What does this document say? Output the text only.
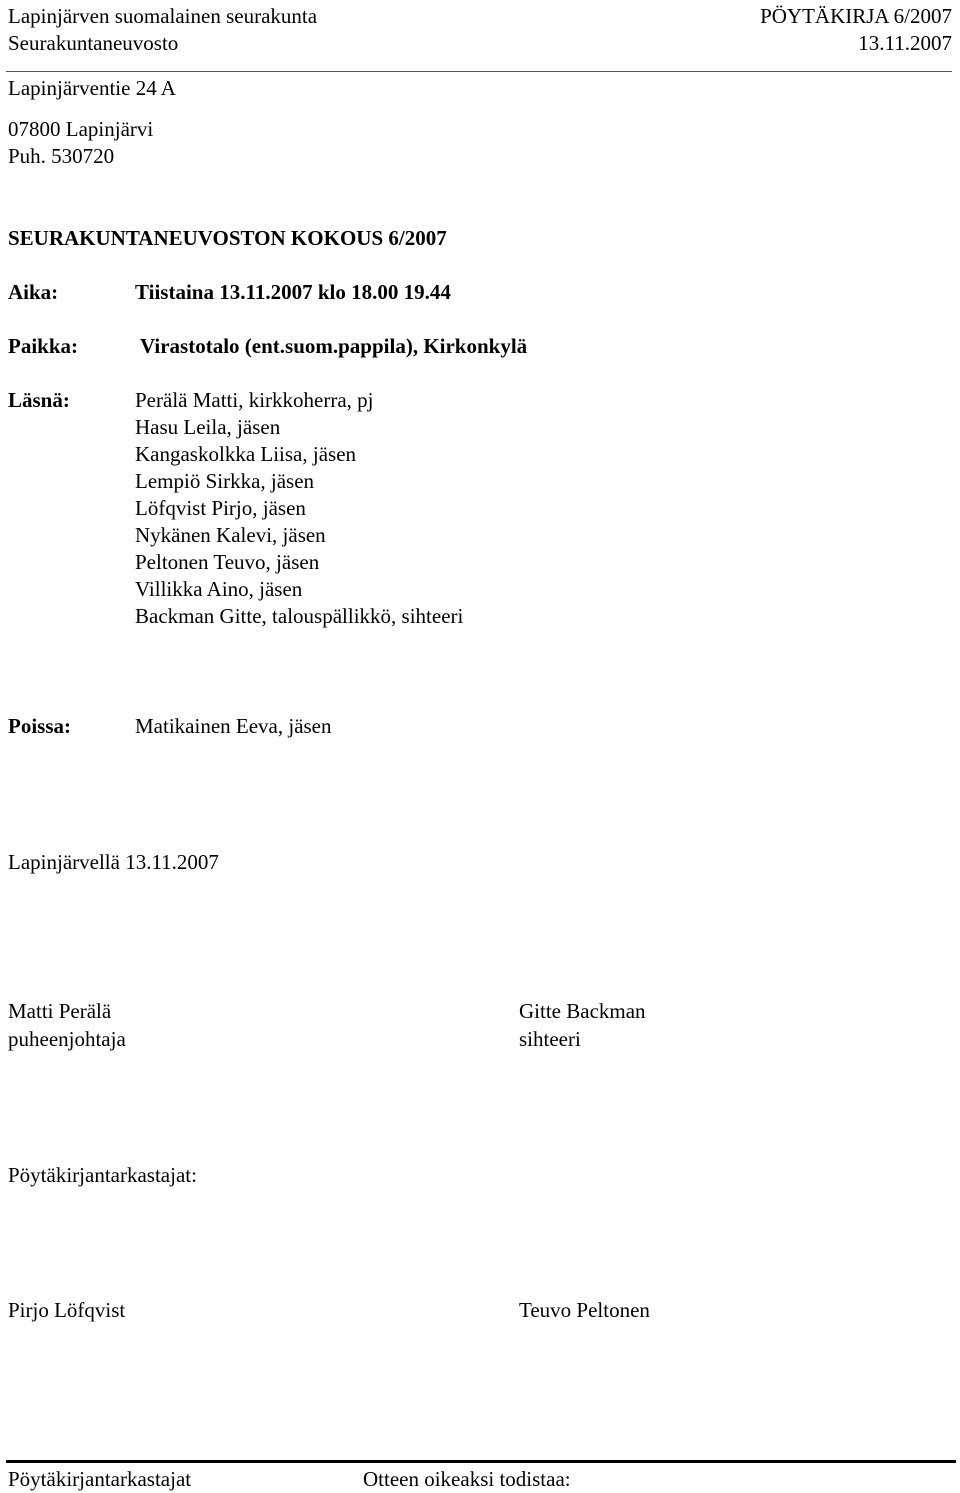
Lapinjärven suomalainen seurakunta	PÖYTÄKIRJA 6/2007
Seurakuntaneuvosto	13.11.2007
Lapinjärventie 24 A
07800 Lapinjärvi
Puh. 530720
SEURAKUNTANEUVOSTON KOKOUS 6/2007
Aika:	Tiistaina 13.11.2007 klo 18.00 19.44
Paikka:	Virastotalo (ent.suom.pappila), Kirkonkylä
Läsnä:	Perälä Matti, kirkkoherra, pj
Hasu Leila, jäsen
Kangaskolkka Liisa, jäsen
Lempiö Sirkka, jäsen
Löfqvist Pirjo, jäsen
Nykänen Kalevi, jäsen
Peltonen Teuvo, jäsen
Villikka Aino, jäsen
Backman Gitte, talouspällikkö, sihteeri
Poissa:	Matikainen Eeva, jäsen
Lapinjärvellä 13.11.2007
Matti Perälä
puheenjohtaja
Gitte Backman
sihteeri
Pöytäkirjantarkastajat:
Pirjo Löfqvist	Teuvo Peltonen
Pöytäkirjantarkastajat	Otteen oikeaksi todistaa:
